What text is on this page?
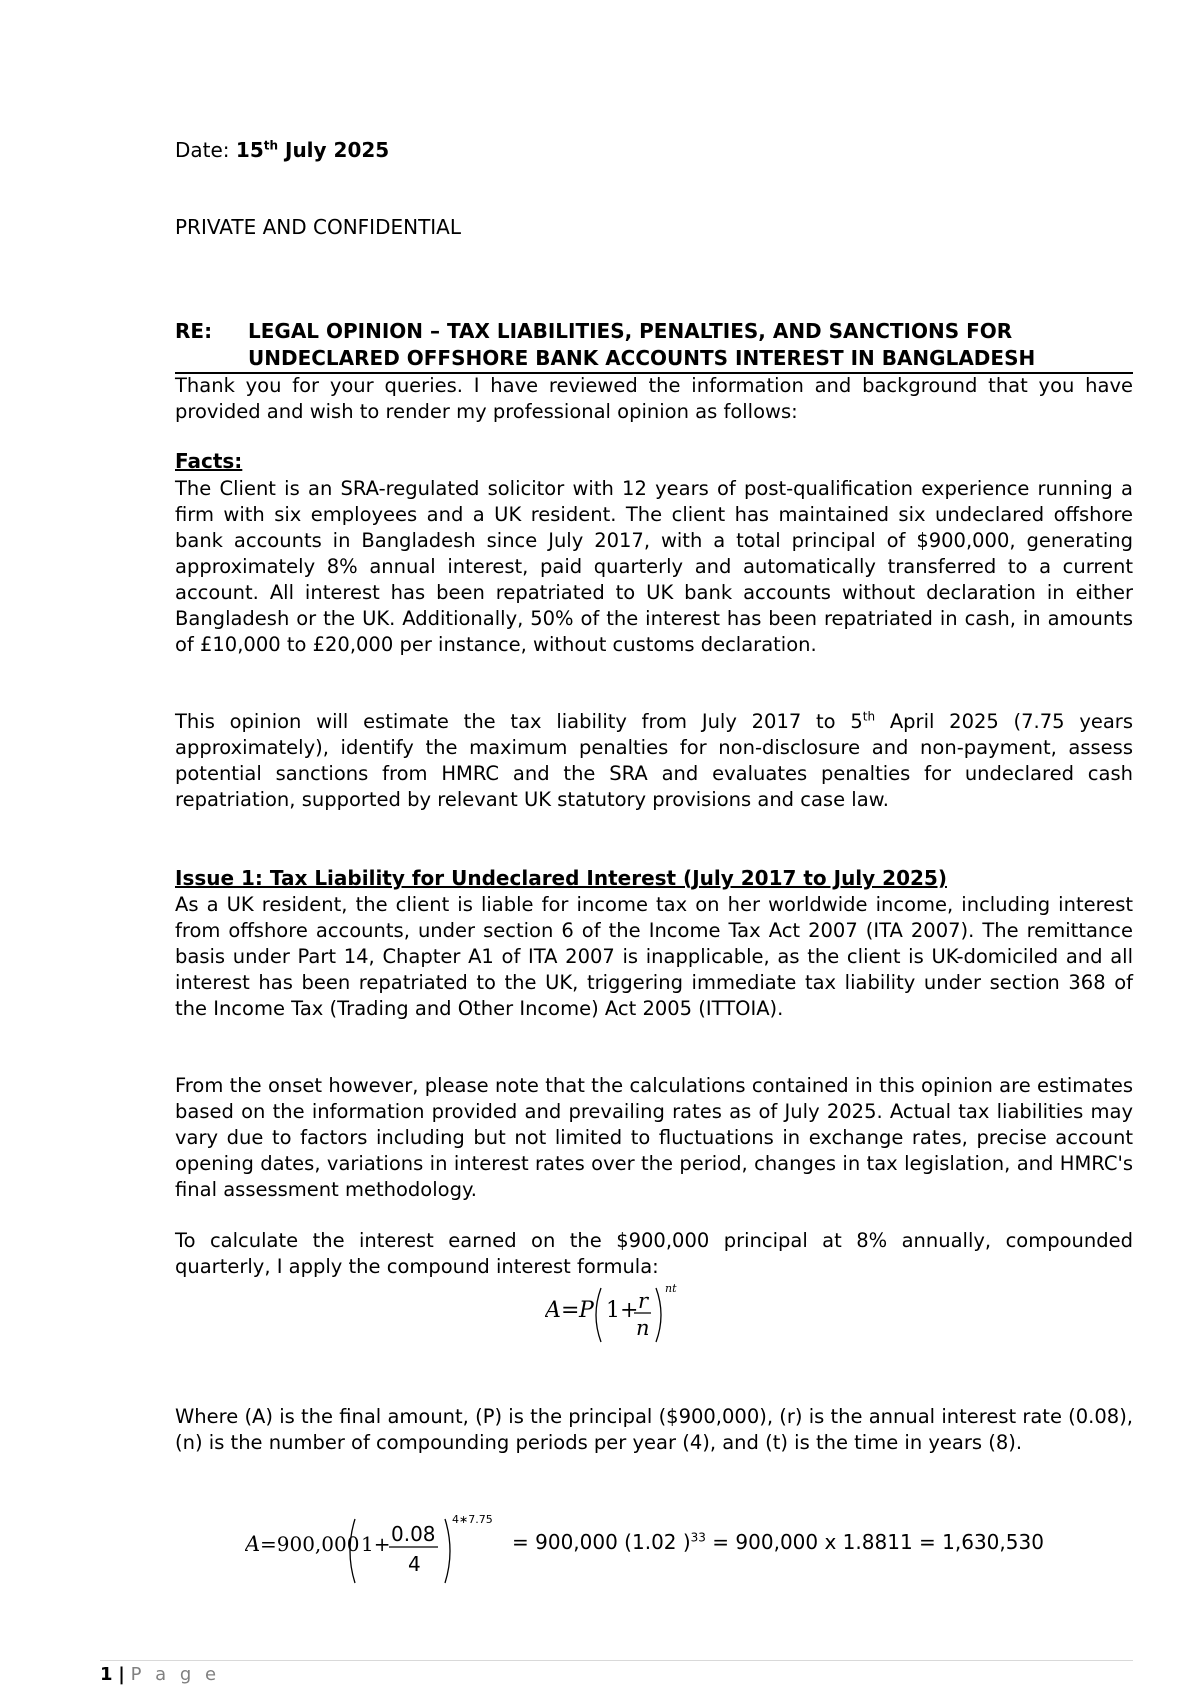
Date: 15th July 2025
PRIVATE AND CONFIDENTIAL
RE: LEGAL OPINION – TAX LIABILITIES, PENALTIES, AND SANCTIONS FOR
UNDECLARED OFFSHORE BANK ACCOUNTS INTEREST IN BANGLADESH

Thank you for your queries. I have reviewed the information and background that you have provided and wish to render my professional opinion as follows:

Facts:

The Client is an SRA-regulated solicitor with 12 years of post-qualification experience running a firm with six employees and a UK resident. The client has maintained six undeclared offshore bank accounts in Bangladesh since July 2017, with a total principal of $900,000, generating approximately 8% annual interest, paid quarterly and automatically transferred to a current account. All interest has been repatriated to UK bank accounts without declaration in either Bangladesh or the UK. Additionally, 50% of the interest has been repatriated in cash, in amounts of £10,000 to £20,000 per instance, without customs declaration.

This opinion will estimate the tax liability from July 2017 to 5th April 2025 (7.75 years approximately), identify the maximum penalties for non-disclosure and non-payment, assess potential sanctions from HMRC and the SRA and evaluates penalties for undeclared cash repatriation, supported by relevant UK statutory provisions and case law.

Issue 1: Tax Liability for Undeclared Interest (July 2017 to July 2025)

As a UK resident, the client is liable for income tax on her worldwide income, including interest from offshore accounts, under section 6 of the Income Tax Act 2007 (ITA 2007). The remittance basis under Part 14, Chapter A1 of ITA 2007 is inapplicable, as the client is UK-domiciled and all interest has been repatriated to the UK, triggering immediate tax liability under section 368 of the Income Tax (Trading and Other Income) Act 2005 (ITTOIA).

From the onset however, please note that the calculations contained in this opinion are estimates based on the information provided and prevailing rates as of July 2025. Actual tax liabilities may vary due to factors including but not limited to fluctuations in exchange rates, precise account opening dates, variations in interest rates over the period, changes in tax legislation, and HMRC's final assessment methodology.

To calculate the interest earned on the $900,000 principal at 8% annually, compounded quarterly, I apply the compound interest formula:

Where (A) is the final amount, (P) is the principal ($900,000), (r) is the annual interest rate (0.08), (n) is the number of compounding periods per year (4), and (t) is the time in years (8).

A = P 1+ r
n
nt
A =900,000 1+ 0.08
4
4∗7.75
= 900,000 (1.02 )$^{33}$ = 900,000 x 1.8811 = 1,630,530
1 | P a g e
